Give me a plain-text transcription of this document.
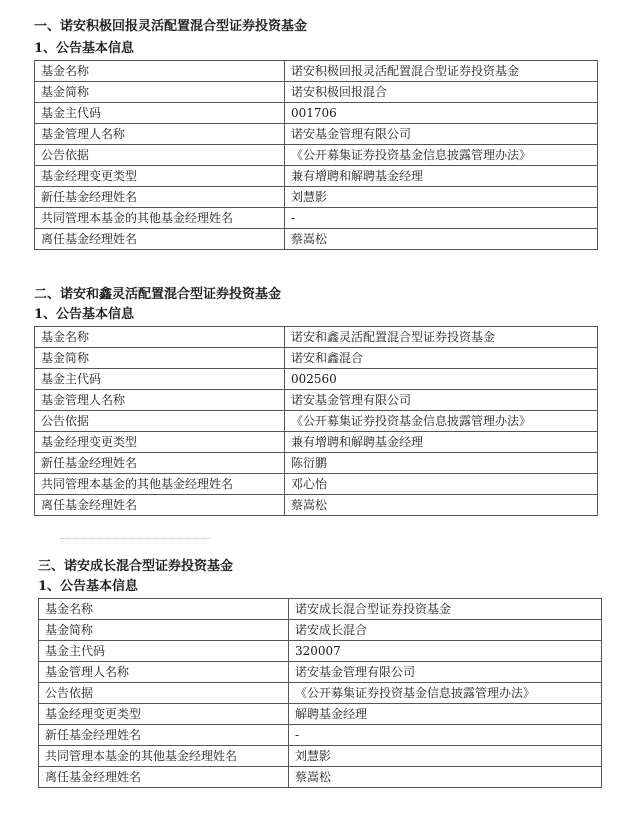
一、诺安积极回报灵活配置混合型证券投资基金
1、公告基本信息
基金名称	诺安积极回报灵活配置混合型证券投资基金
基金简称	诺安积极回报混合
基金主代码	001706
基金管理人名称	诺安基金管理有限公司
公告依据	《公开募集证券投资基金信息披露管理办法》
基金经理变更类型	兼有增聘和解聘基金经理
新任基金经理姓名	刘慧影
共同管理本基金的其他基金经理姓名	-
离任基金经理姓名	蔡嵩松
二、诺安和鑫灵活配置混合型证券投资基金
1、公告基本信息
基金名称	诺安和鑫灵活配置混合型证券投资基金
基金简称	诺安和鑫混合
基金主代码	002560
基金管理人名称	诺安基金管理有限公司
公告依据	《公开募集证券投资基金信息披露管理办法》
基金经理变更类型	兼有增聘和解聘基金经理
新任基金经理姓名	陈衍鹏
共同管理本基金的其他基金经理姓名	邓心怡
离任基金经理姓名	蔡嵩松
三、诺安成长混合型证券投资基金
1、公告基本信息
基金名称	诺安成长混合型证券投资基金
基金简称	诺安成长混合
基金主代码	320007
基金管理人名称	诺安基金管理有限公司
公告依据	《公开募集证券投资基金信息披露管理办法》
基金经理变更类型	解聘基金经理
新任基金经理姓名	-
共同管理本基金的其他基金经理姓名	刘慧影
离任基金经理姓名	蔡嵩松
